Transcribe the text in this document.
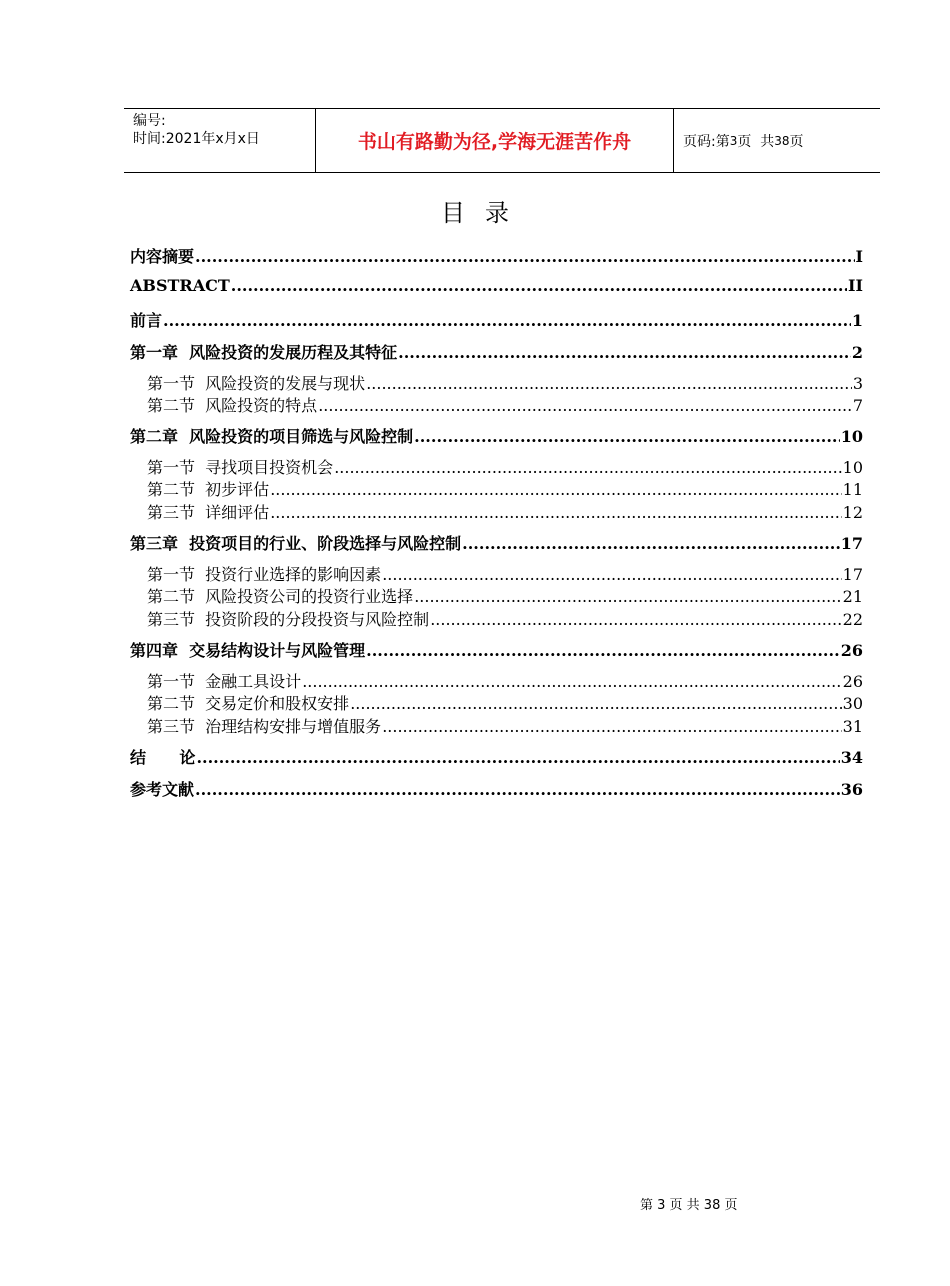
编号:
时间:2021年x月x日	书山有路勤为径,学海无涯苦作舟	页码:第 3 页  共 38 页
目录
内容摘要 .....	I
ABSTRACT .....	II
前言 .....	1
第一章  风险投资的发展历程及其特征 .....	2
第一节  风险投资的发展与现状 .....	3
第二节  风险投资的特点 .....	7
第二章  风险投资的项目筛选与风险控制 .....	10
第一节  寻找项目投资机会 .....	10
第二节  初步评估 .....	11
第三节  详细评估 .....	12
第三章  投资项目的行业、阶段选择与风险控制 .....	17
第一节  投资行业选择的影响因素 .....	17
第二节  风险投资公司的投资行业选择 .....	21
第三节  投资阶段的分段投资与风险控制 .....	22
第四章  交易结构设计与风险管理 .....	26
第一节  金融工具设计 .....	26
第二节  交易定价和股权安排 .....	30
第三节  治理结构安排与增值服务 .....	31
结      论 .....	34
参考文献 .....	36
第 3 页 共 38 页
